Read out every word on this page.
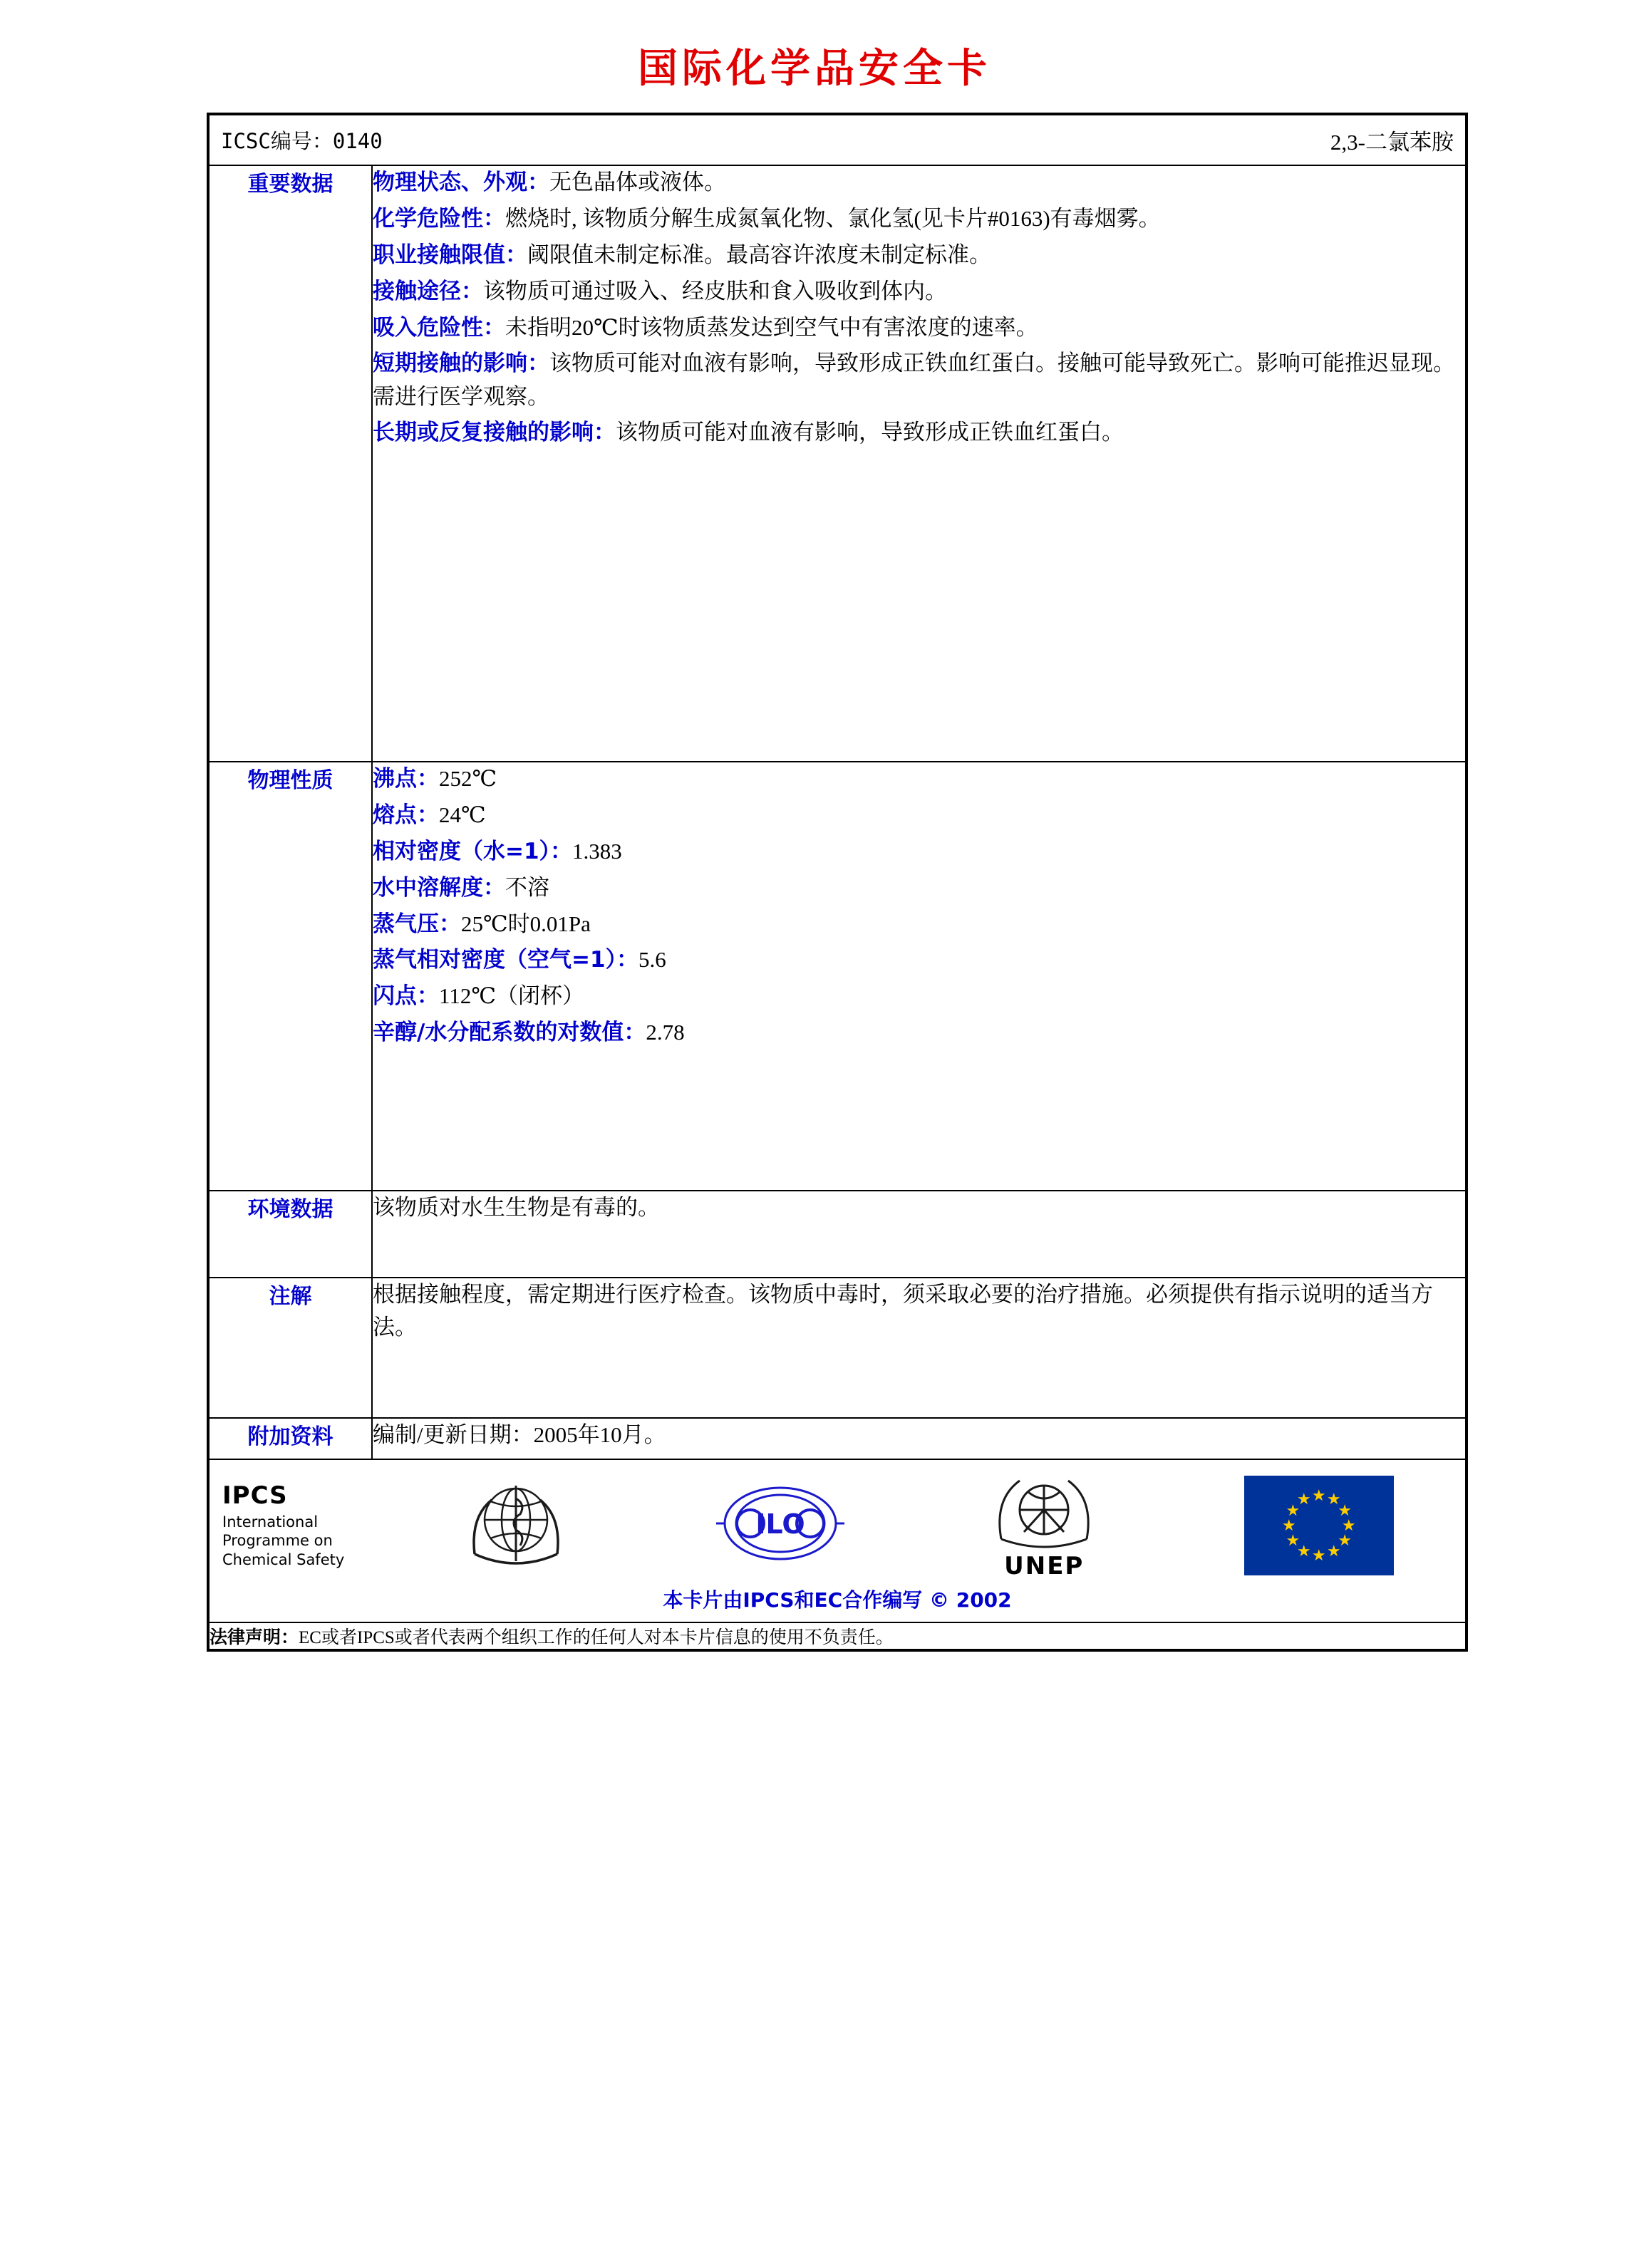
国际化学品安全卡
ICSC编号：0140 2,3-二氯苯胺	

重要数据	物理状态、外观：无色晶体或液体。
化学危险性：燃烧时, 该物质分解生成氮氧化物、氯化氢(见卡片#0163)有毒烟雾。
职业接触限值：阈限值未制定标准。最高容许浓度未制定标准。
接触途径：该物质可通过吸入、经皮肤和食入吸收到体内。
吸入危险性：未指明20℃时该物质蒸发达到空气中有害浓度的速率。
短期接触的影响：该物质可能对血液有影响，导致形成正铁血红蛋白。接触可能导致死亡。影响可能推迟显现。需进行医学观察。
长期或反复接触的影响：该物质可能对血液有影响，导致形成正铁血红蛋白。

物理性质	沸点：252℃
熔点：24℃
相对密度（水=1）：1.383
水中溶解度：不溶
蒸气压：25℃时0.01Pa
蒸气相对密度（空气=1）：5.6
闪点：112℃（闭杯）
辛醇/水分配系数的对数值：2.78

环境数据	该物质对水生生物是有毒的。
注解	根据接触程度，需定期进行医疗检查。该物质中毒时，须采取必要的治疗措施。必须提供有指示说明的适当方法。
附加资料	编制/更新日期：2005年10月。

IPCS
International
Programme on
Chemical Safety
ILO
UNEP
★ ★
★
★
★
★
★
★
★
★
★
★
本卡片由IPCS和EC合作编写 © 2002

法律声明：EC或者IPCS或者代表两个组织工作的任何人对本卡片信息的使用不负责任。	
